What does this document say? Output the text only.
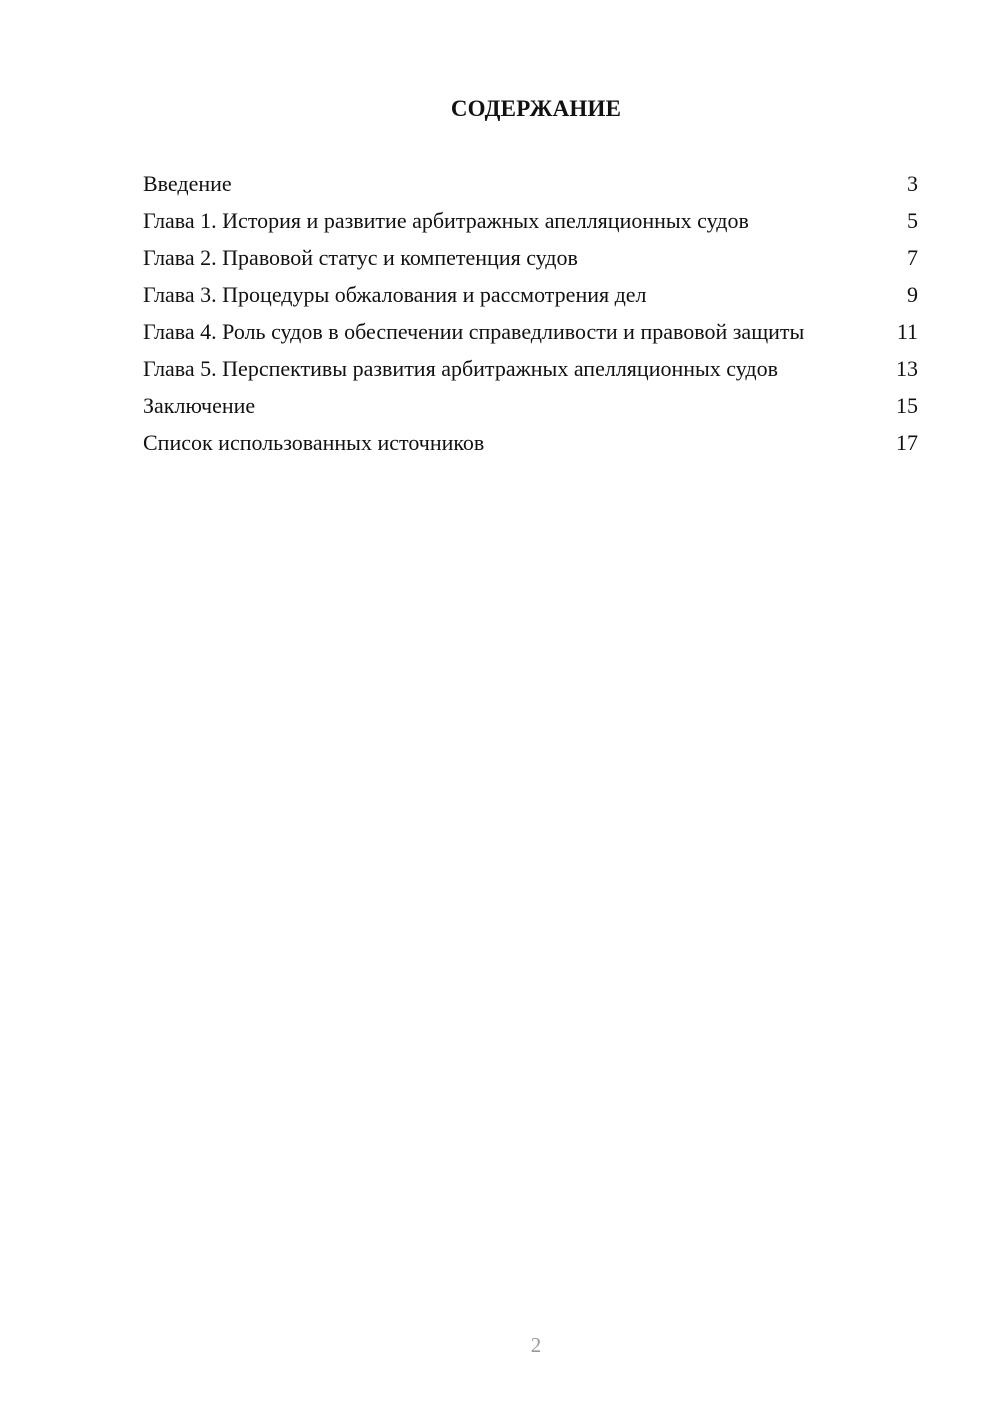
СОДЕРЖАНИЕ
Введение	3
Глава 1. История и развитие арбитражных апелляционных судов	5
Глава 2. Правовой статус и компетенция судов	7
Глава 3. Процедуры обжалования и рассмотрения дел	9
Глава 4. Роль судов в обеспечении справедливости и правовой защиты	11
Глава 5. Перспективы развития арбитражных апелляционных судов	13
Заключение	15
Список использованных источников	17
2
